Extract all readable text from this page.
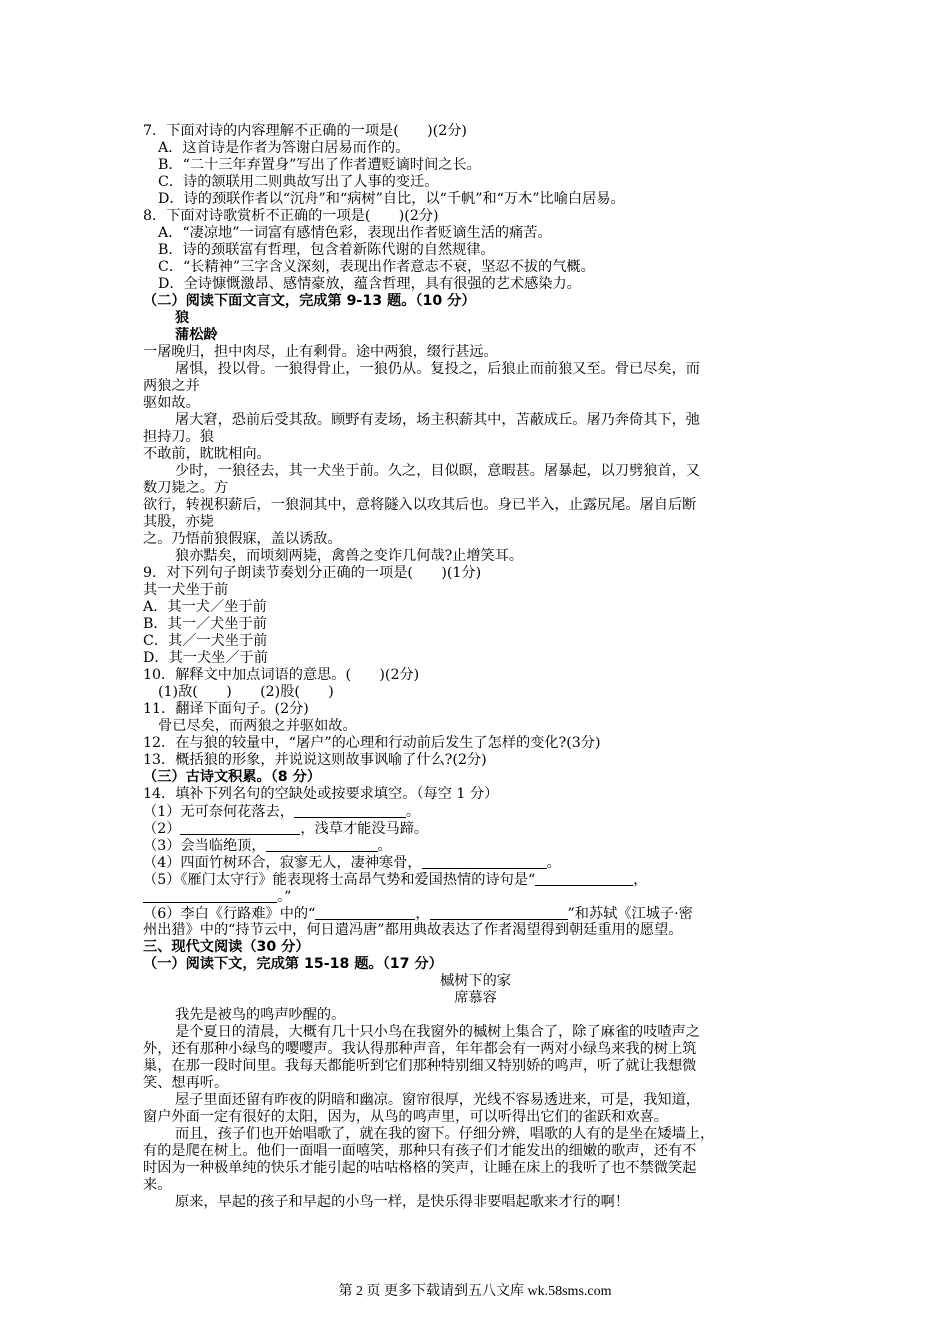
7．下面对诗的内容理解不正确的一项是(　　)(2分)
A．这首诗是作者为答谢白居易而作的。
B．“二十三年弃置身”写出了作者遭贬谪时间之长。
C．诗的颔联用二则典故写出了人事的变迁。
D．诗的颈联作者以“沉舟”和“病树”自比，以“千帆”和“万木”比喻白居易。
8．下面对诗歌赏析不正确的一项是(　　)(2分)
A．“凄凉地”一词富有感情色彩，表现出作者贬谪生活的痛苦。
B．诗的颈联富有哲理，包含着新陈代谢的自然规律。
C．“长精神”三字含义深刻，表现出作者意志不衰，坚忍不拔的气概。
D．全诗慷慨激昂、感情豪放，蕴含哲理，具有很强的艺术感染力。
（二）阅读下面文言文，完成第 9-13 题。（10 分）
狼
蒲松龄
一屠晚归，担中肉尽，止有剩骨。途中两狼，缀行甚远。
屠惧，投以骨。一狼得骨止，一狼仍从。复投之，后狼止而前狼又至。骨已尽矣，而
两狼之并
驱如故。
屠大窘，恐前后受其敌。顾野有麦场，场主积薪其中，苫蔽成丘。屠乃奔倚其下，弛
担持刀。狼
不敢前，眈眈相向。
少时，一狼径去，其一犬坐于前。久之，目似瞑，意暇甚。屠暴起，以刀劈狼首，又
数刀毙之。方
欲行，转视积薪后，一狼洞其中，意将隧入以攻其后也。身已半入，止露尻尾。屠自后断
其股，亦毙
之。乃悟前狼假寐，盖以诱敌。
狼亦黠矣，而顷刻两毙，禽兽之变诈几何哉?止增笑耳。
9．对下列句子朗读节奏划分正确的一项是(　　)(1分)
其一犬坐于前
A．其一犬／坐于前
B．其一／犬坐于前
C．其／一犬坐于前
D．其一犬坐／于前
10．解释文中加点词语的意思。(　　)(2分)
(1)敌(　　)　　(2)股(　　)
11．翻译下面句子。(2分)
骨已尽矣，而两狼之并驱如故。
12．在与狼的较量中，“屠户”的心理和行动前后发生了怎样的变化?(3分)
13．概括狼的形象，并说说这则故事讽喻了什么?(2分)
（三）古诗文积累。（8 分）
14．填补下列名句的空缺处或按要求填空。（每空 1 分）
（1）无可奈何花落去，	。
（2）	，浅草才能没马蹄。
（3）会当临绝顶，	。
（4）四面竹树环合，寂寥无人，凄神寒骨，	。
（5）《雁门太守行》能表现将士高昂气势和爱国热情的诗句是“	，
。”
（6）李白《行路难》中的“	，	”和苏轼《江城子·密
州出猎》中的“持节云中，何日遣冯唐”都用典故表达了作者渴望得到朝廷重用的愿望。
三、现代文阅读（30 分）
（一）阅读下文，完成第 15-18 题。（17 分）
槭树下的家
席慕容
我先是被鸟的鸣声吵醒的。
是个夏日的清晨，大概有几十只小鸟在我窗外的槭树上集合了，除了麻雀的吱喳声之
外，还有那种小绿鸟的嘤嘤声。我认得那种声音，年年都会有一两对小绿鸟来我的树上筑
巢，在那一段时间里。我每天都能听到它们那种特别细又特别娇的鸣声，听了就让我想微
笑、想再听。
屋子里面还留有昨夜的阴暗和幽凉。窗帘很厚，光线不容易透进来，可是，我知道，
窗户外面一定有很好的太阳，因为，从鸟的鸣声里，可以听得出它们的雀跃和欢喜。
而且，孩子们也开始唱歌了，就在我的窗下。仔细分辨，唱歌的人有的是坐在矮墙上，
有的是爬在树上。他们一面唱一面嘻笑，那种只有孩子们才能发出的细嫩的歌声，还有不
时因为一种极单纯的快乐才能引起的咕咕格格的笑声，让睡在床上的我听了也不禁微笑起
来。
原来，早起的孩子和早起的小鸟一样，是快乐得非要唱起歌来才行的啊！
第 2 页 更多下载请到五八文库 wk.58sms.com
